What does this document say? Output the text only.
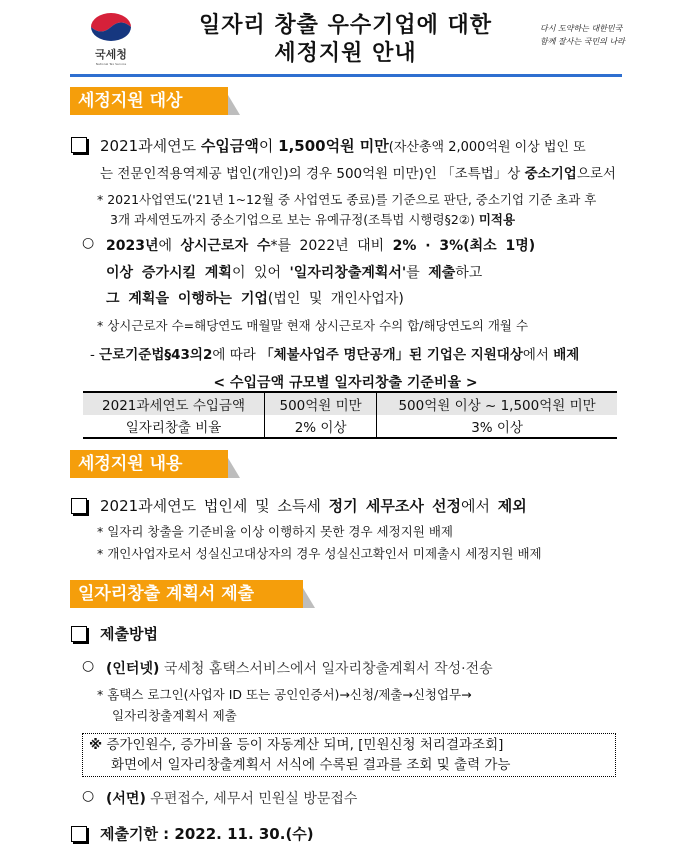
국세청
National Tax Service
일자리 창출 우수기업에 대한
세정지원 안내
다시 도약하는 대한민국
함께 잘사는 국민의 나라
세정지원 대상
2021과세연도 수입금액이 1,500억원 미만(자산총액 2,000억원 이상 법인 또
는 전문인적용역제공 법인(개인)의 경우 500억원 미만)인 「조특법」상 중소기업으로서
* 2021사업연도('21년 1~12월 중 사업연도 종료)를 기준으로 판단, 중소기업 기준 초과 후
3개 과세연도까지 중소기업으로 보는 유예규정(조특법 시행령§2②) 미적용
○ 2023년에 상시근로자 수*를 2022년 대비 2% · 3%(최소 1명)
이상 증가시킬 계획이 있어 '일자리창출계획서'를 제출하고
그 계획을 이행하는 기업(법인 및 개인사업자)
* 상시근로자 수=해당연도 매월말 현재 상시근로자 수의 합/해당연도의 개월 수
- 근로기준법§43의2에 따라 「체불사업주 명단공개」된 기업은 지원대상에서 배제
< 수입금액 규모별 일자리창출 기준비율 >
2021과세연도 수입금액	500억원 미만	500억원 이상 ~ 1,500억원 미만
일자리창출 비율	2% 이상	3% 이상
세정지원 내용
2021과세연도 법인세 및 소득세 정기 세무조사 선정에서 제외
* 일자리 창출을 기준비율 이상 이행하지 못한 경우 세정지원 배제
* 개인사업자로서 성실신고대상자의 경우 성실신고확인서 미제출시 세정지원 배제
일자리창출 계획서 제출
제출방법
○ (인터넷) 국세청 홈택스서비스에서 일자리창출계획서 작성·전송
* 홈택스 로그인(사업자 ID 또는 공인인증서)→신청/제출→신청업무→
일자리창출계획서 제출
※ 증가인원수, 증가비율 등이 자동계산 되며, [민원신청 처리결과조회]
화면에서 일자리창출계획서 서식에 수록된 결과를 조회 및 출력 가능
○ (서면) 우편접수, 세무서 민원실 방문접수
제출기한 : 2022. 11. 30.(수)
